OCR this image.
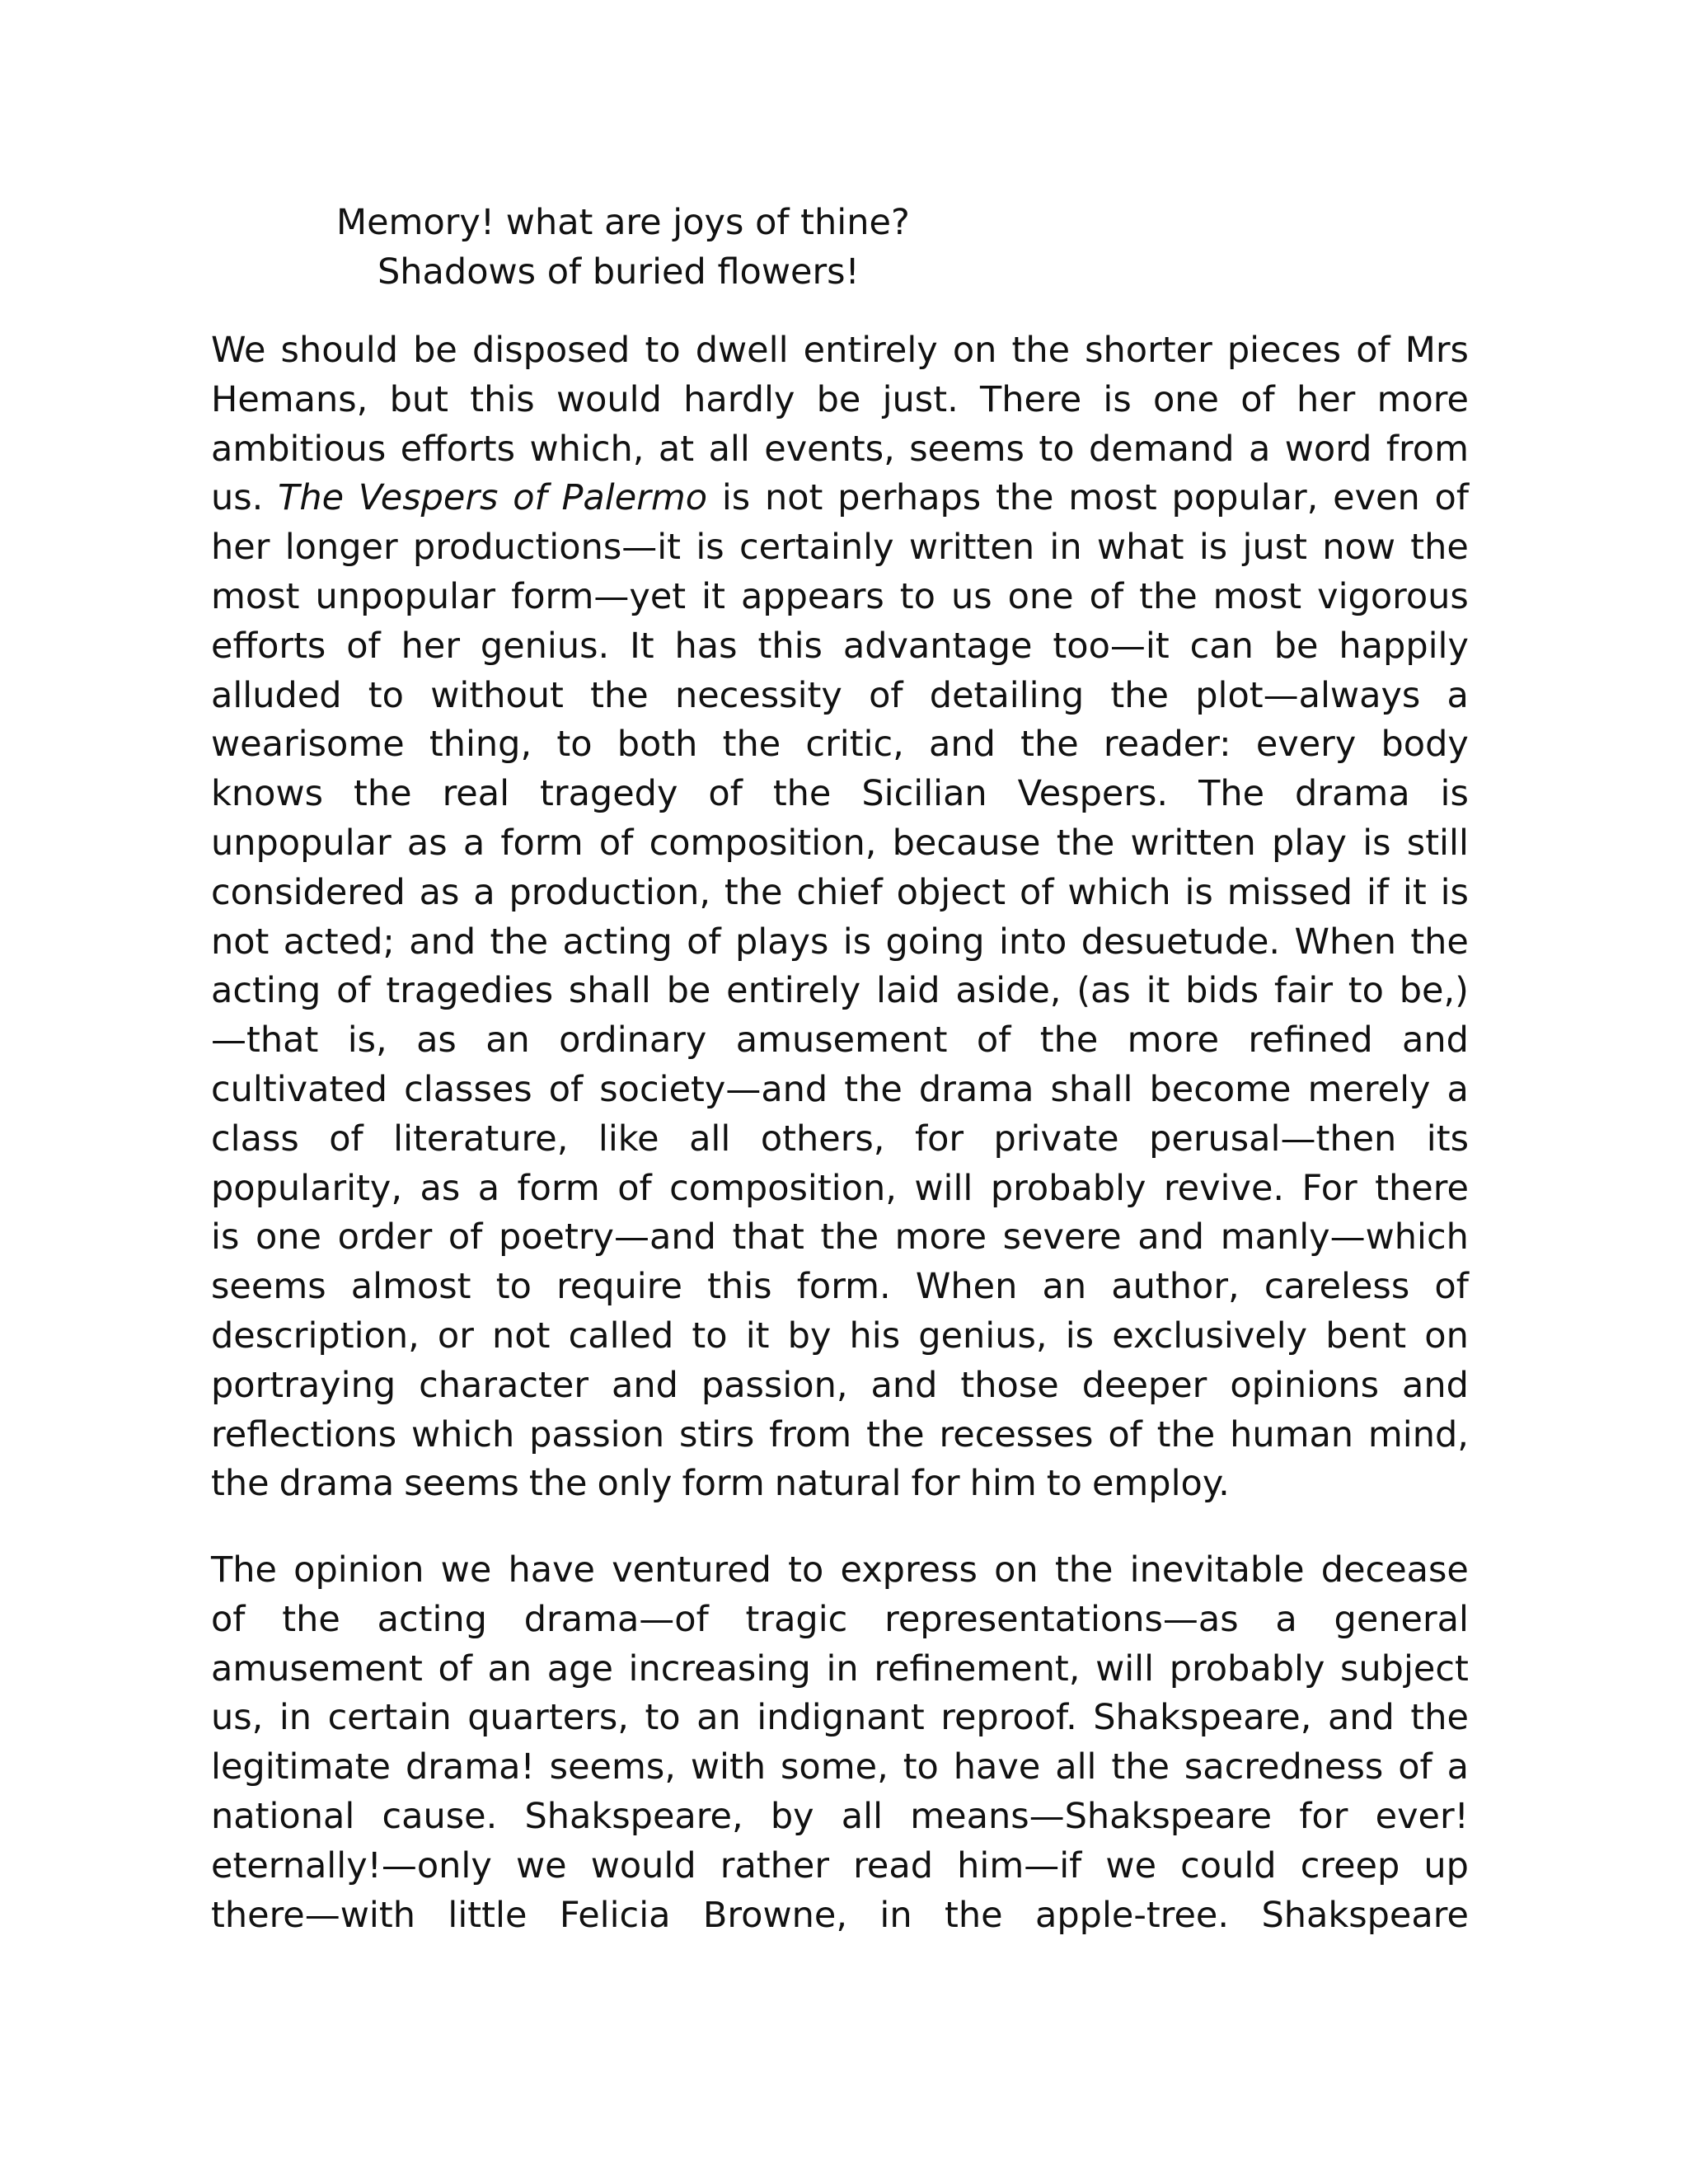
Memory! what are joys of thine?
Shadows of buried flowers!
We should be disposed to dwell entirely on the shorter pieces of Mrs
Hemans, but this would hardly be just. There is one of her more
ambitious efforts which, at all events, seems to demand a word from
us. The Vespers of Palermo is not perhaps the most popular, even of
her longer productions—it is certainly written in what is just now the
most unpopular form—yet it appears to us one of the most vigorous
efforts of her genius. It has this advantage too—it can be happily
alluded to without the necessity of detailing the plot—always a
wearisome thing, to both the critic, and the reader: every body
knows the real tragedy of the Sicilian Vespers. The drama is
unpopular as a form of composition, because the written play is still
considered as a production, the chief object of which is missed if it is
not acted; and the acting of plays is going into desuetude. When the
acting of tragedies shall be entirely laid aside, (as it bids fair to be,)
—that is, as an ordinary amusement of the more refined and
cultivated classes of society—and the drama shall become merely a
class of literature, like all others, for private perusal—then its
popularity, as a form of composition, will probably revive. For there
is one order of poetry—and that the more severe and manly—which
seems almost to require this form. When an author, careless of
description, or not called to it by his genius, is exclusively bent on
portraying character and passion, and those deeper opinions and
reflections which passion stirs from the recesses of the human mind,
the drama seems the only form natural for him to employ.
The opinion we have ventured to express on the inevitable decease
of the acting drama—of tragic representations—as a general
amusement of an age increasing in refinement, will probably subject
us, in certain quarters, to an indignant reproof. Shakspeare, and the
legitimate drama! seems, with some, to have all the sacredness of a
national cause. Shakspeare, by all means—Shakspeare for ever!
eternally!—only we would rather read him—if we could creep up
there—with little Felicia Browne, in the apple-tree. Shakspeare
